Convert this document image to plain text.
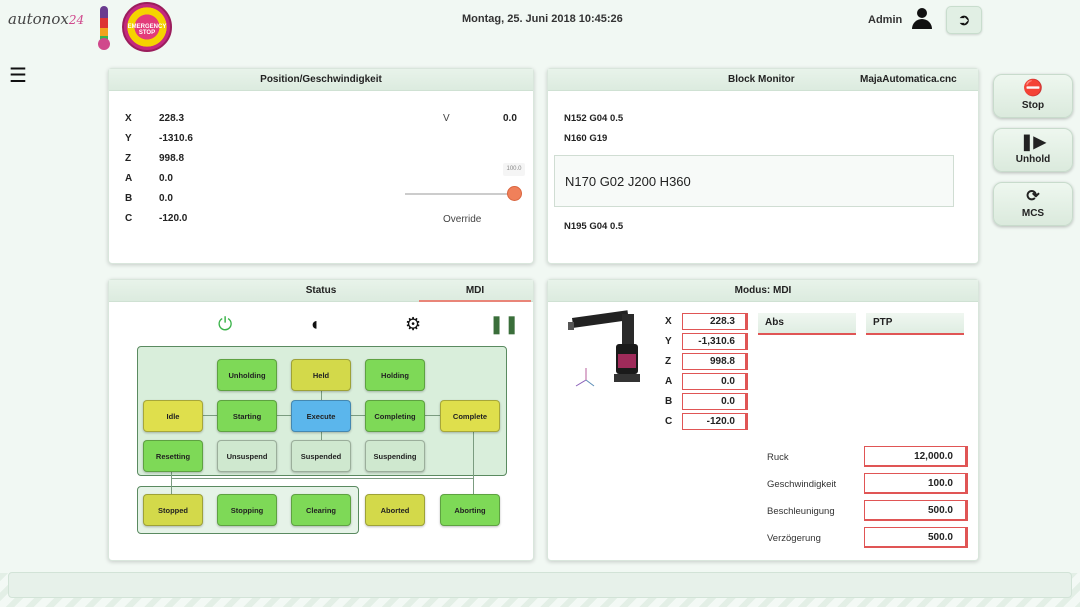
autonox24	EMERGENCY STOP
Montag, 25. Juni 2018 10:45:26	Admin	➲
☰	Position/Geschwindigkeit
X	228.3
Y	-1310.6
Z	998.8
A	0.0
B	0.0
C	-120.0
V	0.0
100.0
Override
Block Monitor	MajaAutomatica.cnc
N152 G04 0.5
N160 G19
N170 G02 J200 H360
N195 G04 0.5
Status	MDI
⏻	◖	⚙	❚❚
Unholding	Held	Holding
Idle	Starting	Execute	Completing	Complete
Resetting	Unsuspend	Suspended	Suspending
Stopped	Stopping	Clearing	Aborted	Aborting
Modus: MDI
X	228.3
Y	-1,310.6
Z	998.8
A	0.0
B	0.0
C	-120.0
Abs	PTP
Ruck	12,000.0
Geschwindigkeit	100.0
Beschleunigung	500.0
Verzögerung	500.0
⛔
Stop
❚▶
Unhold
⟳
MCS
